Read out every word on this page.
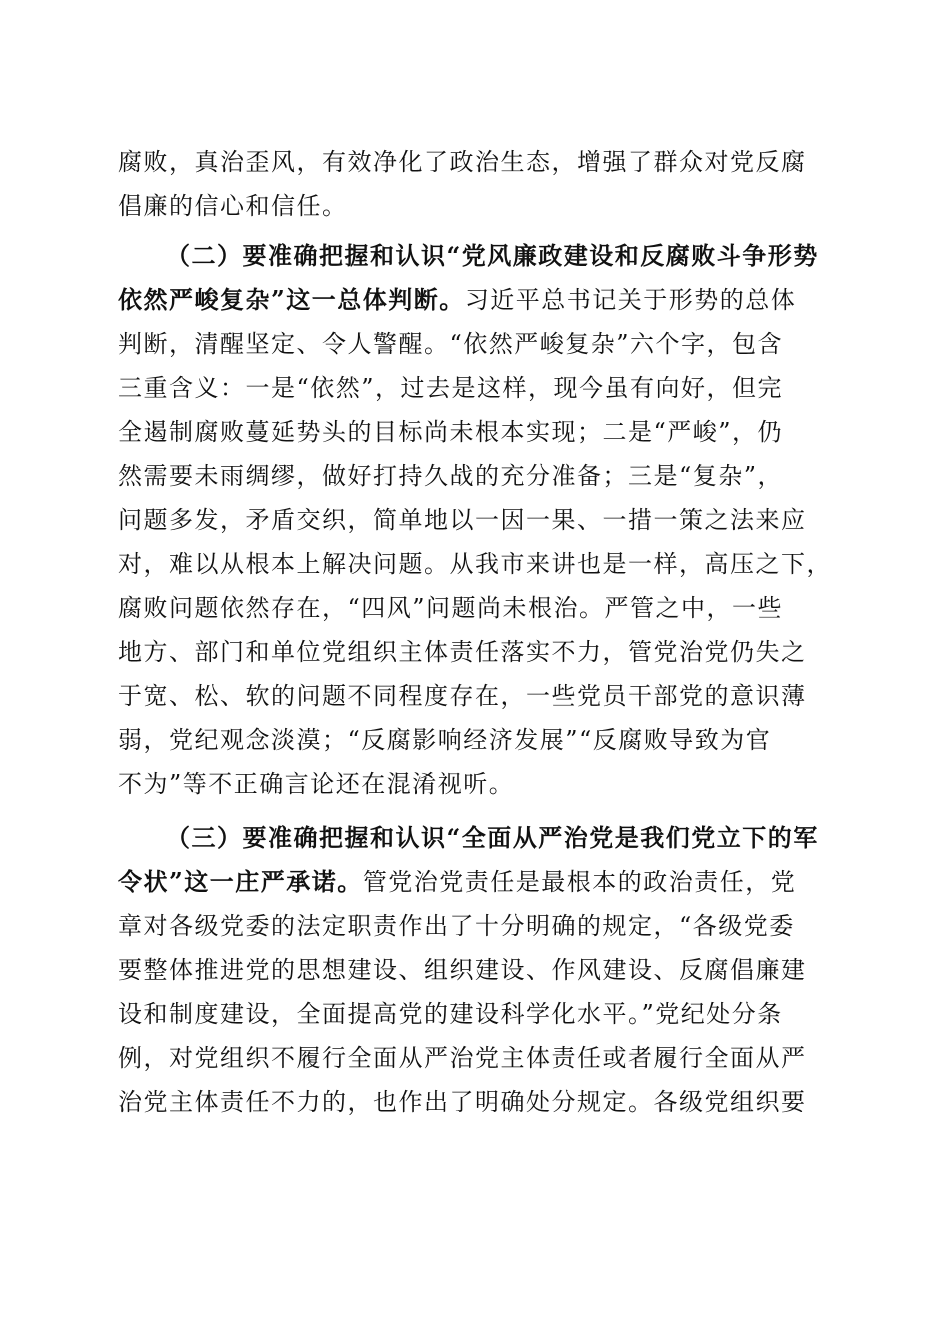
腐败，真治歪风，有效净化了政治生态，增强了群众对党反腐
倡廉的信心和信任。
（二）要准确把握和认识“党风廉政建设和反腐败斗争形势
依然严峻复杂”这一总体判断。习近平总书记关于形势的总体
判断，清醒坚定、令人警醒。“依然严峻复杂”六个字，包含
三重含义：一是“依然”，过去是这样，现今虽有向好，但完
全遏制腐败蔓延势头的目标尚未根本实现；二是“严峻”，仍
然需要未雨绸缪，做好打持久战的充分准备；三是“复杂”，
问题多发，矛盾交织，简单地以一因一果、一措一策之法来应
对，难以从根本上解决问题。从我市来讲也是一样，高压之下，
腐败问题依然存在，“四风”问题尚未根治。严管之中，一些
地方、部门和单位党组织主体责任落实不力，管党治党仍失之
于宽、松、软的问题不同程度存在，一些党员干部党的意识薄
弱，党纪观念淡漠；“反腐影响经济发展”“反腐败导致为官
不为”等不正确言论还在混淆视听。
（三）要准确把握和认识“全面从严治党是我们党立下的军
令状”这一庄严承诺。管党治党责任是最根本的政治责任，党
章对各级党委的法定职责作出了十分明确的规定，“各级党委
要整体推进党的思想建设、组织建设、作风建设、反腐倡廉建
设和制度建设，全面提高党的建设科学化水平。”党纪处分条
例，对党组织不履行全面从严治党主体责任或者履行全面从严
治党主体责任不力的，也作出了明确处分规定。各级党组织要
